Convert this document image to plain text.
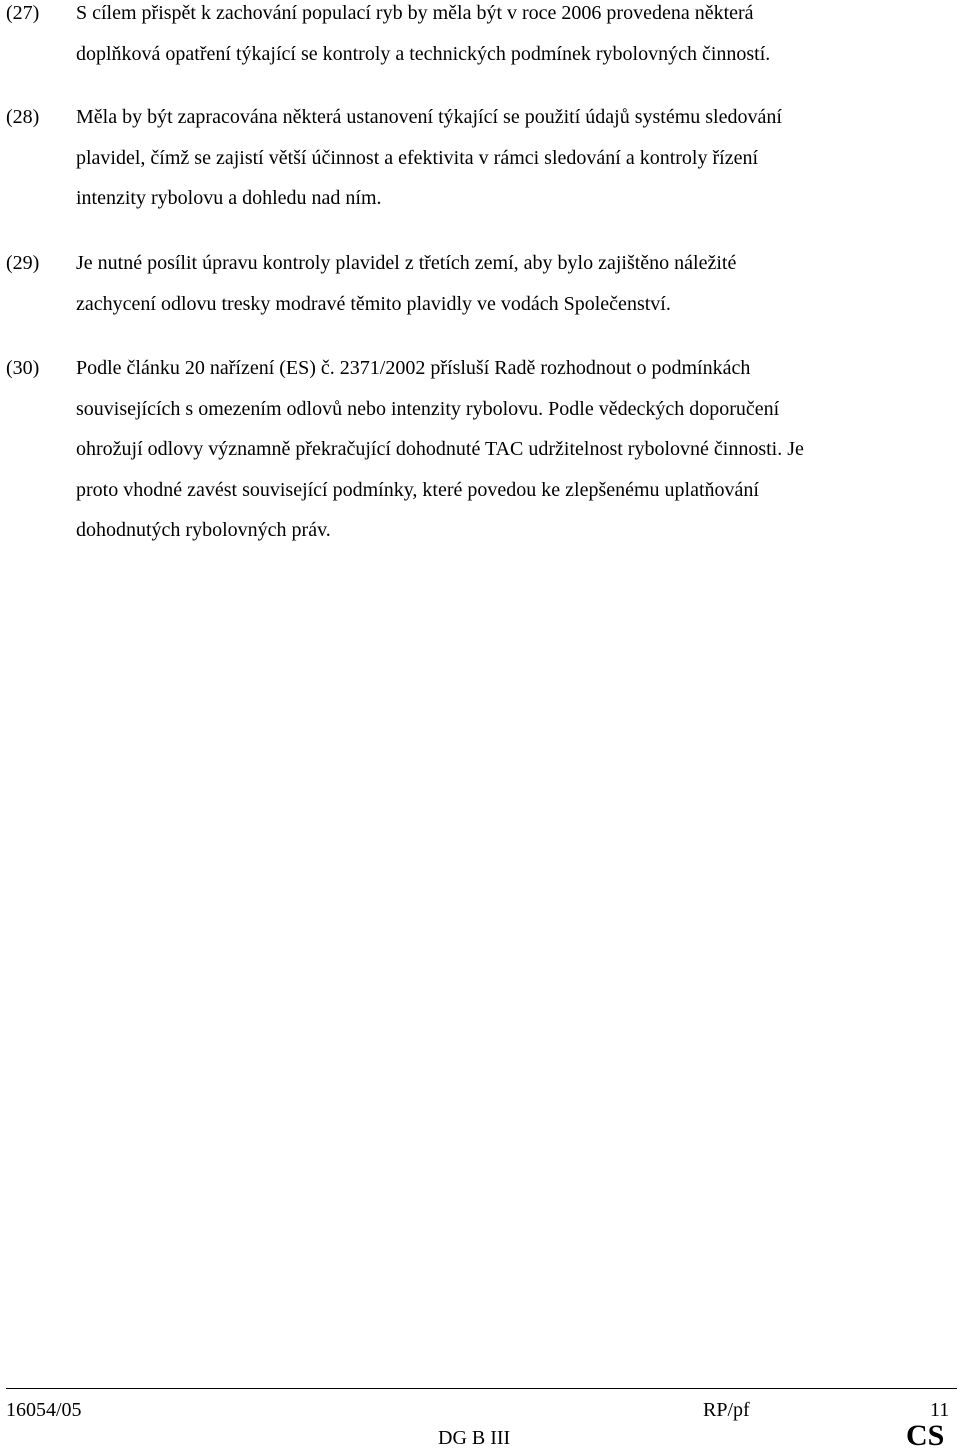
(27) S cílem přispět k zachování populací ryb by měla být v roce 2006 provedena některá
doplňková opatření týkající se kontroly a technických podmínek rybolovných činností.
(28) Měla by být zapracována některá ustanovení týkající se použití údajů systému sledování
plavidel, čímž se zajistí větší účinnost a efektivita v rámci sledování a kontroly řízení
intenzity rybolovu a dohledu nad ním.
(29) Je nutné posílit úpravu kontroly plavidel z třetích zemí, aby bylo zajištěno náležité
zachycení odlovu tresky modravé těmito plavidly ve vodách Společenství.
(30) Podle článku 20 nařízení (ES) č. 2371/2002 přísluší Radě rozhodnout o podmínkách
souvisejících s omezením odlovů nebo intenzity rybolovu. Podle vědeckých doporučení
ohrožují odlovy významně překračující dohodnuté TAC udržitelnost rybolovné činnosti. Je
proto vhodné zavést související podmínky, které povedou ke zlepšenému uplatňování
dohodnutých rybolovných práv.
16054/05	RP/pf	11
DG B III	CS
